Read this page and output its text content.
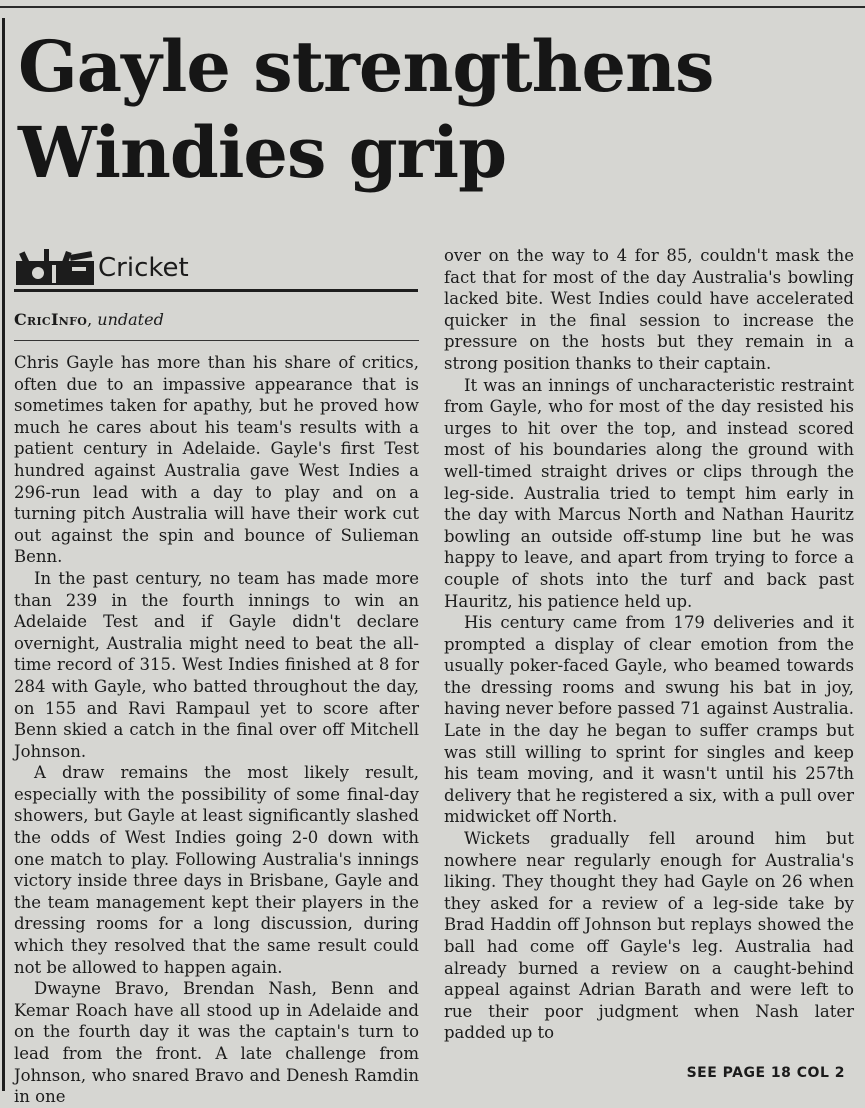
Gayle strengthens Windies grip
Cricket
CricInfo, undated

Chris Gayle has more than his share of critics, often due to an impassive appearance that is sometimes taken for apathy, but he proved how much he cares about his team's results with a patient century in Adelaide. Gayle's first Test hundred against Australia gave West Indies a 296-run lead with a day to play and on a turning pitch Australia will have their work cut out against the spin and bounce of Sulieman Benn.

In the past century, no team has made more than 239 in the fourth innings to win an Adelaide Test and if Gayle didn't declare overnight, Australia might need to beat the all-time record of 315. West Indies finished at 8 for 284 with Gayle, who batted throughout the day, on 155 and Ravi Rampaul yet to score after Benn skied a catch in the final over off Mitchell Johnson.

A draw remains the most likely result, especially with the possibility of some final-day showers, but Gayle at least significantly slashed the odds of West Indies going 2-0 down with one match to play. Following Australia's innings victory inside three days in Brisbane, Gayle and the team management kept their players in the dressing rooms for a long discussion, during which they resolved that the same result could not be allowed to happen again.

Dwayne Bravo, Brendan Nash, Benn and Kemar Roach have all stood up in Adelaide and on the fourth day it was the captain's turn to lead from the front. A late challenge from Johnson, who snared Bravo and Denesh Ramdin in one

over on the way to 4 for 85, couldn't mask the fact that for most of the day Australia's bowling lacked bite. West Indies could have accelerated quicker in the final session to increase the pressure on the hosts but they remain in a strong position thanks to their captain.

It was an innings of uncharacteristic restraint from Gayle, who for most of the day resisted his urges to hit over the top, and instead scored most of his boundaries along the ground with well-timed straight drives or clips through the leg-side. Australia tried to tempt him early in the day with Marcus North and Nathan Hauritz bowling an outside off-stump line but he was happy to leave, and apart from trying to force a couple of shots into the turf and back past Hauritz, his patience held up.

His century came from 179 deliveries and it prompted a display of clear emotion from the usually poker-faced Gayle, who beamed towards the dressing rooms and swung his bat in joy, having never before passed 71 against Australia. Late in the day he began to suffer cramps but was still willing to sprint for singles and keep his team moving, and it wasn't until his 257th delivery that he registered a six, with a pull over midwicket off North.

Wickets gradually fell around him but nowhere near regularly enough for Australia's liking. They thought they had Gayle on 26 when they asked for a review of a leg-side take by Brad Haddin off Johnson but replays showed the ball had come off Gayle's leg. Australia had already burned a review on a caught-behind appeal against Adrian Barath and were left to rue their poor judgment when Nash later padded up to

SEE PAGE 18 COL 2
